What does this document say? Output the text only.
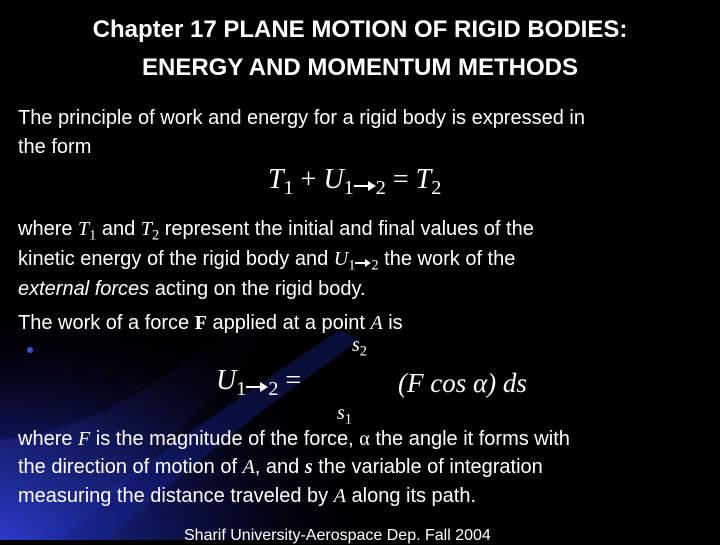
Chapter 17 PLANE MOTION OF RIGID BODIES:
ENERGY AND MOMENTUM METHODS
The principle of work and energy for a rigid body is expressed in
the form
$T_1 + U_1$ $_2 = T_2$
where $T_1$ and $T_2$ represent the initial and final values of the
kinetic energy of the rigid body and $U_1$ $_2$ the work of the
external forces acting on the rigid body.
The work of a force F applied at a point A is
$s_2$
$U_1$ $_2$ =	(F cos α) ds
$s_1$
where F is the magnitude of the force, α the angle it forms with
the direction of motion of A, and s the variable of integration
measuring the distance traveled by A along its path.
Sharif University-Aerospace Dep. Fall 2004
